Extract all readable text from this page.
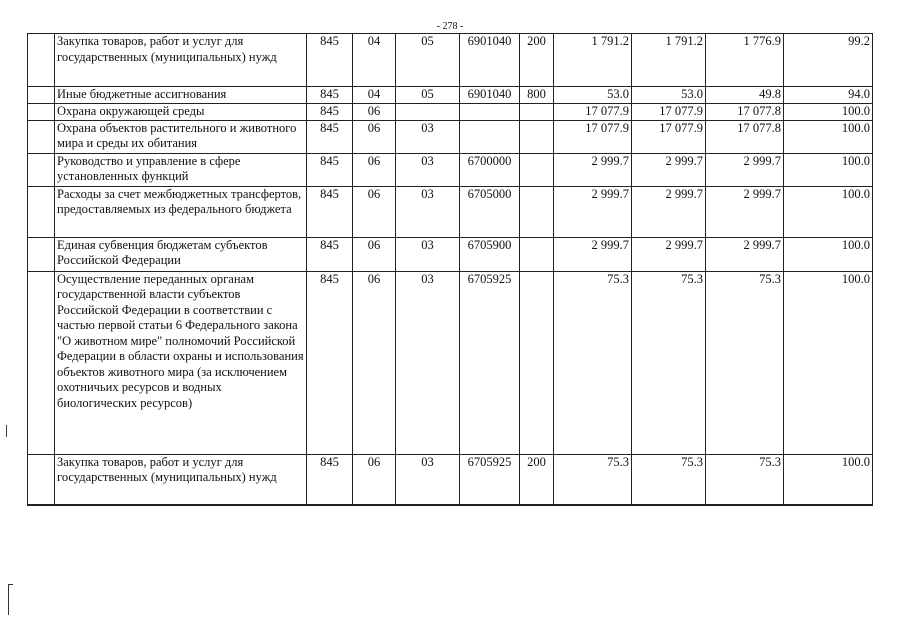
- 278 -
	Закупка товаров, работ и услуг для государственных (муниципальных) нужд	845	04	05	6901040	200	1 791.2	1 791.2	1 776.9	99.2
	Иные бюджетные ассигнования	845	04	05	6901040	800	53.0	53.0	49.8	94.0
	Охрана окружающей среды	845	06				17 077.9	17 077.9	17 077.8	100.0
	Охрана объектов растительного и животного мира и среды их обитания	845	06	03			17 077.9	17 077.9	17 077.8	100.0
	Руководство и управление в сфере установленных функций	845	06	03	6700000		2 999.7	2 999.7	2 999.7	100.0
	Расходы за счет межбюджетных трансфертов, предоставляемых из федерального бюджета	845	06	03	6705000		2 999.7	2 999.7	2 999.7	100.0
	Единая субвенция бюджетам субъектов Российской Федерации	845	06	03	6705900		2 999.7	2 999.7	2 999.7	100.0
	Осуществление переданных органам государственной власти субъектов Российской Федерации в соответствии с частью первой статьи 6 Федерального закона "О животном мире" полномочий Российской Федерации в области охраны и использования объектов животного мира (за исключением охотничьих ресурсов и водных биологических ресурсов)	845	06	03	6705925		75.3	75.3	75.3	100.0
	Закупка товаров, работ и услуг для государственных (муниципальных) нужд	845	06	03	6705925	200	75.3	75.3	75.3	100.0
